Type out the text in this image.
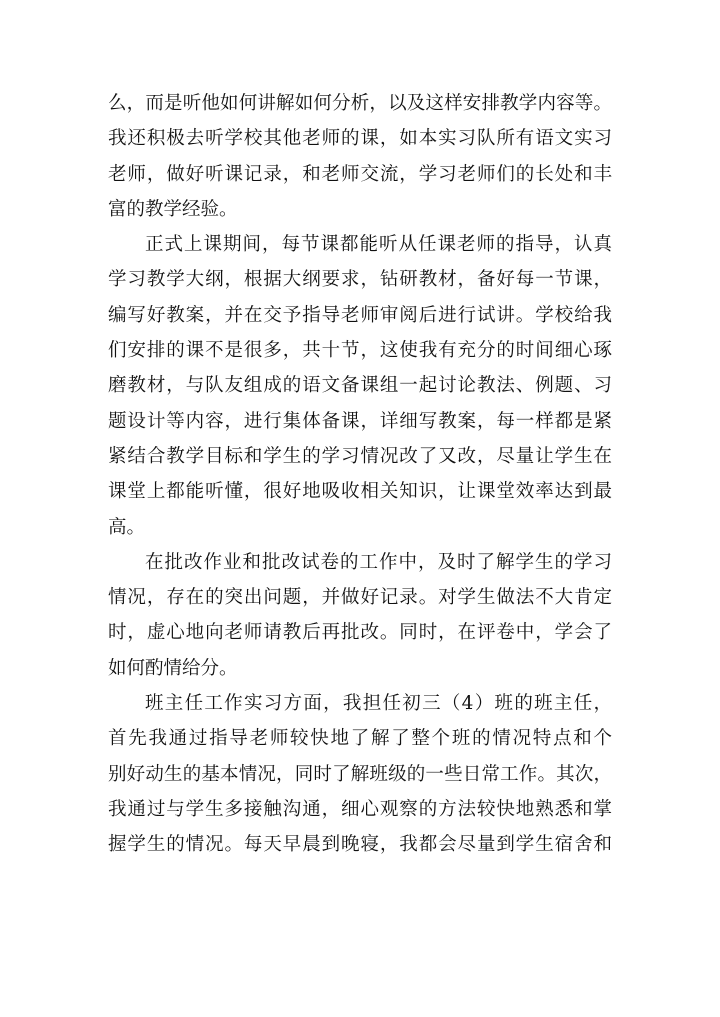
么，而是听他如何讲解如何分析，以及这样安排教学内容等。
我还积极去听学校其他老师的课，如本实习队所有语文实习
老师，做好听课记录，和老师交流，学习老师们的长处和丰
富的教学经验。
正式上课期间，每节课都能听从任课老师的指导，认真
学习教学大纲，根据大纲要求，钻研教材，备好每一节课，
编写好教案，并在交予指导老师审阅后进行试讲。学校给我
们安排的课不是很多，共十节，这使我有充分的时间细心琢
磨教材，与队友组成的语文备课组一起讨论教法、例题、习
题设计等内容，进行集体备课，详细写教案，每一样都是紧
紧结合教学目标和学生的学习情况改了又改，尽量让学生在
课堂上都能听懂，很好地吸收相关知识，让课堂效率达到最
高。
在批改作业和批改试卷的工作中，及时了解学生的学习
情况，存在的突出问题，并做好记录。对学生做法不大肯定
时，虚心地向老师请教后再批改。同时，在评卷中，学会了
如何酌情给分。
班主任工作实习方面，我担任初三（4）班的班主任，
首先我通过指导老师较快地了解了整个班的情况特点和个
别好动生的基本情况，同时了解班级的一些日常工作。其次，
我通过与学生多接触沟通，细心观察的方法较快地熟悉和掌
握学生的情况。每天早晨到晚寝，我都会尽量到学生宿舍和
